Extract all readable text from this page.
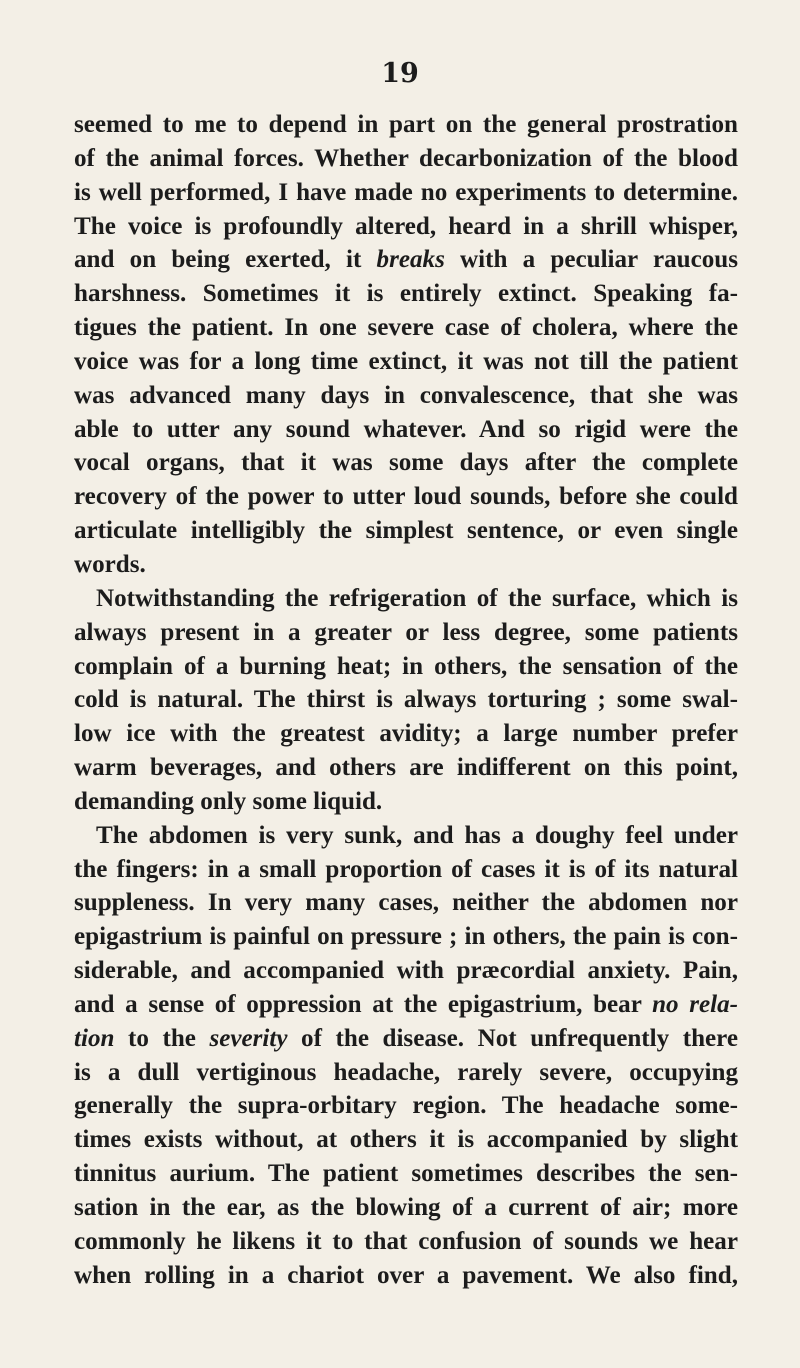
19
seemed to me to depend in part on the general prostration
of the animal forces. Whether decarbonization of the blood
is well performed, I have made no experiments to determine.
The voice is profoundly altered, heard in a shrill whisper,
and on being exerted, it breaks with a peculiar raucous
harshness. Sometimes it is entirely extinct. Speaking fa-
tigues the patient. In one severe case of cholera, where the
voice was for a long time extinct, it was not till the patient
was advanced many days in convalescence, that she was
able to utter any sound whatever. And so rigid were the
vocal organs, that it was some days after the complete
recovery of the power to utter loud sounds, before she could
articulate intelligibly the simplest sentence, or even single
words.
Notwithstanding the refrigeration of the surface, which is
always present in a greater or less degree, some patients
complain of a burning heat; in others, the sensation of the
cold is natural. The thirst is always torturing ; some swal-
low ice with the greatest avidity; a large number prefer
warm beverages, and others are indifferent on this point,
demanding only some liquid.
The abdomen is very sunk, and has a doughy feel under
the fingers: in a small proportion of cases it is of its natural
suppleness. In very many cases, neither the abdomen nor
epigastrium is painful on pressure ; in others, the pain is con-
siderable, and accompanied with præcordial anxiety. Pain,
and a sense of oppression at the epigastrium, bear no rela-
tion to the severity of the disease. Not unfrequently there
is a dull vertiginous headache, rarely severe, occupying
generally the supra-orbitary region. The headache some-
times exists without, at others it is accompanied by slight
tinnitus aurium. The patient sometimes describes the sen-
sation in the ear, as the blowing of a current of air; more
commonly he likens it to that confusion of sounds we hear
when rolling in a chariot over a pavement. We also find,
